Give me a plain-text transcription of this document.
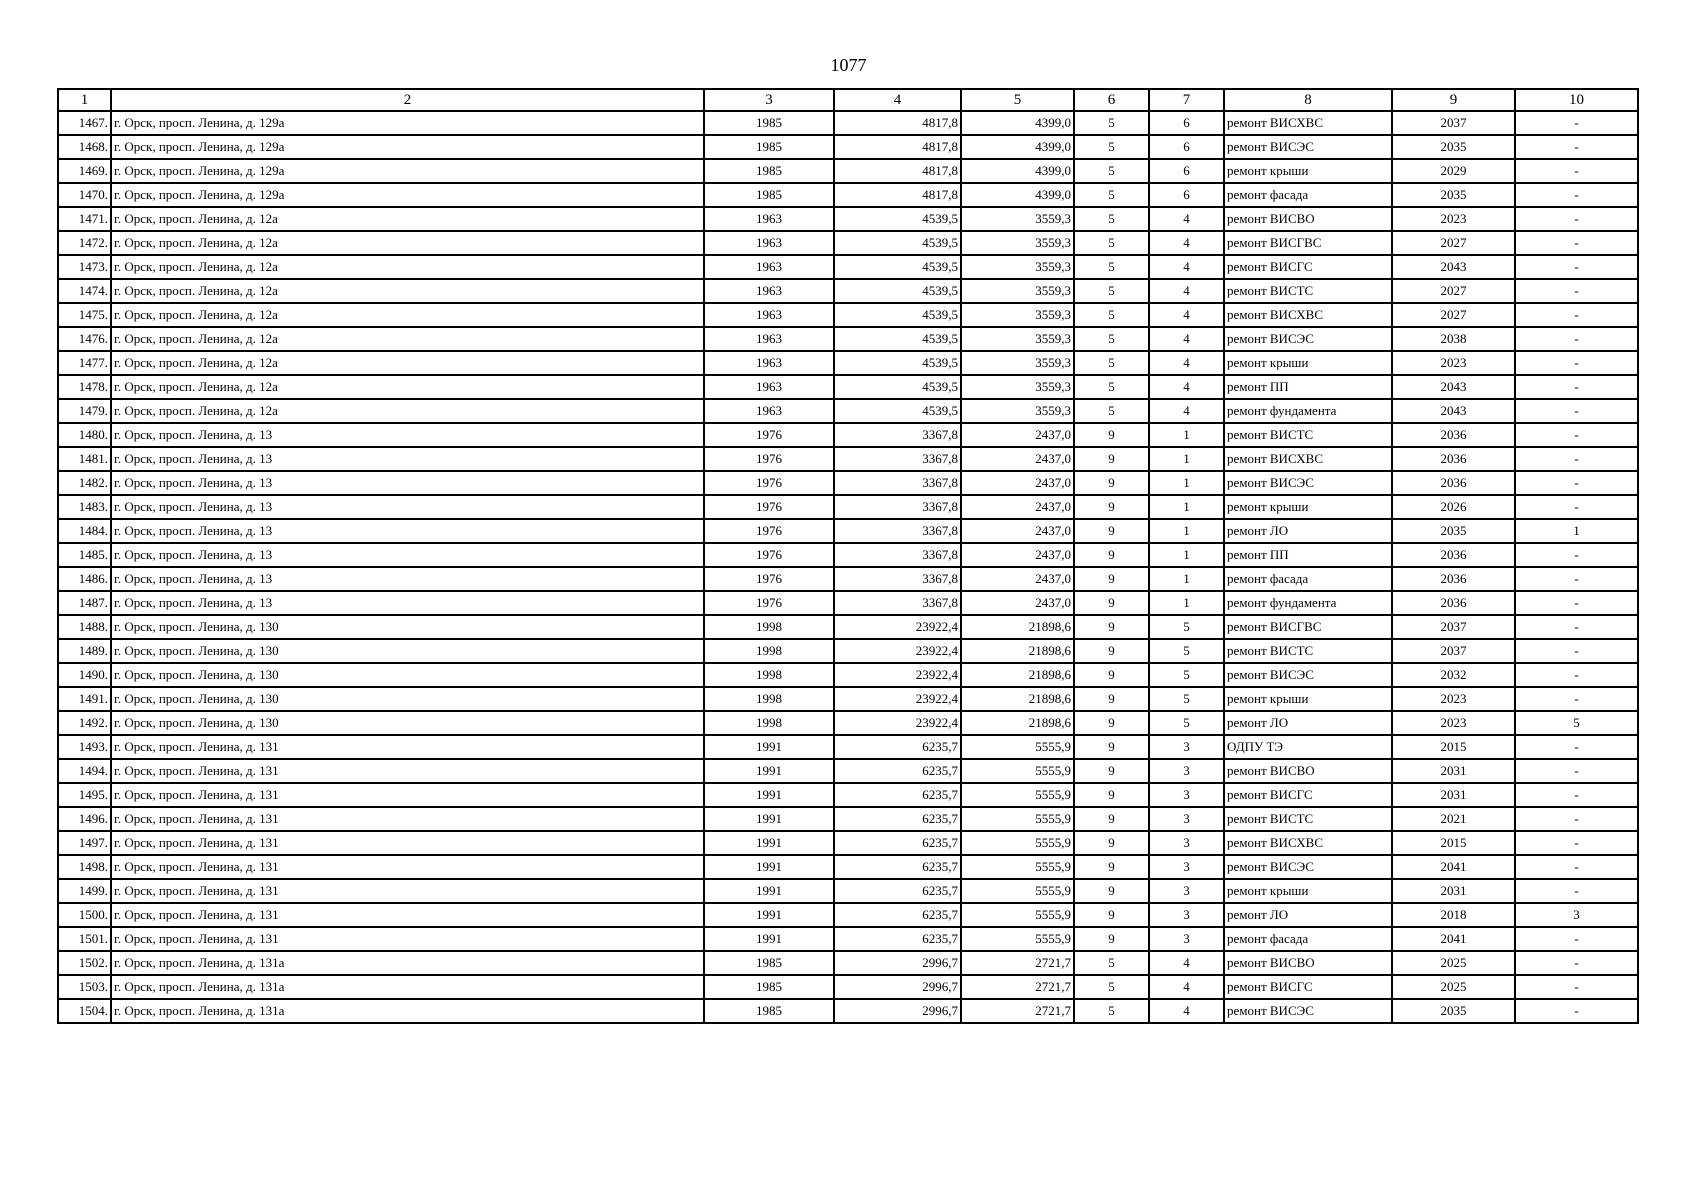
1077
1	2	3	4	5	6	7	8	9	10
1467.	г. Орск, просп. Ленина, д. 129а	1985	4817,8	4399,0	5	6	ремонт ВИСХВС	2037	-
1468.	г. Орск, просп. Ленина, д. 129а	1985	4817,8	4399,0	5	6	ремонт ВИСЭС	2035	-
1469.	г. Орск, просп. Ленина, д. 129а	1985	4817,8	4399,0	5	6	ремонт крыши	2029	-
1470.	г. Орск, просп. Ленина, д. 129а	1985	4817,8	4399,0	5	6	ремонт фасада	2035	-
1471.	г. Орск, просп. Ленина, д. 12а	1963	4539,5	3559,3	5	4	ремонт ВИСВО	2023	-
1472.	г. Орск, просп. Ленина, д. 12а	1963	4539,5	3559,3	5	4	ремонт ВИСГВС	2027	-
1473.	г. Орск, просп. Ленина, д. 12а	1963	4539,5	3559,3	5	4	ремонт ВИСГС	2043	-
1474.	г. Орск, просп. Ленина, д. 12а	1963	4539,5	3559,3	5	4	ремонт ВИСТС	2027	-
1475.	г. Орск, просп. Ленина, д. 12а	1963	4539,5	3559,3	5	4	ремонт ВИСХВС	2027	-
1476.	г. Орск, просп. Ленина, д. 12а	1963	4539,5	3559,3	5	4	ремонт ВИСЭС	2038	-
1477.	г. Орск, просп. Ленина, д. 12а	1963	4539,5	3559,3	5	4	ремонт крыши	2023	-
1478.	г. Орск, просп. Ленина, д. 12а	1963	4539,5	3559,3	5	4	ремонт ПП	2043	-
1479.	г. Орск, просп. Ленина, д. 12а	1963	4539,5	3559,3	5	4	ремонт фундамента	2043	-
1480.	г. Орск, просп. Ленина, д. 13	1976	3367,8	2437,0	9	1	ремонт ВИСТС	2036	-
1481.	г. Орск, просп. Ленина, д. 13	1976	3367,8	2437,0	9	1	ремонт ВИСХВС	2036	-
1482.	г. Орск, просп. Ленина, д. 13	1976	3367,8	2437,0	9	1	ремонт ВИСЭС	2036	-
1483.	г. Орск, просп. Ленина, д. 13	1976	3367,8	2437,0	9	1	ремонт крыши	2026	-
1484.	г. Орск, просп. Ленина, д. 13	1976	3367,8	2437,0	9	1	ремонт ЛО	2035	1
1485.	г. Орск, просп. Ленина, д. 13	1976	3367,8	2437,0	9	1	ремонт ПП	2036	-
1486.	г. Орск, просп. Ленина, д. 13	1976	3367,8	2437,0	9	1	ремонт фасада	2036	-
1487.	г. Орск, просп. Ленина, д. 13	1976	3367,8	2437,0	9	1	ремонт фундамента	2036	-
1488.	г. Орск, просп. Ленина, д. 130	1998	23922,4	21898,6	9	5	ремонт ВИСГВС	2037	-
1489.	г. Орск, просп. Ленина, д. 130	1998	23922,4	21898,6	9	5	ремонт ВИСТС	2037	-
1490.	г. Орск, просп. Ленина, д. 130	1998	23922,4	21898,6	9	5	ремонт ВИСЭС	2032	-
1491.	г. Орск, просп. Ленина, д. 130	1998	23922,4	21898,6	9	5	ремонт крыши	2023	-
1492.	г. Орск, просп. Ленина, д. 130	1998	23922,4	21898,6	9	5	ремонт ЛО	2023	5
1493.	г. Орск, просп. Ленина, д. 131	1991	6235,7	5555,9	9	3	ОДПУ ТЭ	2015	-
1494.	г. Орск, просп. Ленина, д. 131	1991	6235,7	5555,9	9	3	ремонт ВИСВО	2031	-
1495.	г. Орск, просп. Ленина, д. 131	1991	6235,7	5555,9	9	3	ремонт ВИСГС	2031	-
1496.	г. Орск, просп. Ленина, д. 131	1991	6235,7	5555,9	9	3	ремонт ВИСТС	2021	-
1497.	г. Орск, просп. Ленина, д. 131	1991	6235,7	5555,9	9	3	ремонт ВИСХВС	2015	-
1498.	г. Орск, просп. Ленина, д. 131	1991	6235,7	5555,9	9	3	ремонт ВИСЭС	2041	-
1499.	г. Орск, просп. Ленина, д. 131	1991	6235,7	5555,9	9	3	ремонт крыши	2031	-
1500.	г. Орск, просп. Ленина, д. 131	1991	6235,7	5555,9	9	3	ремонт ЛО	2018	3
1501.	г. Орск, просп. Ленина, д. 131	1991	6235,7	5555,9	9	3	ремонт фасада	2041	-
1502.	г. Орск, просп. Ленина, д. 131а	1985	2996,7	2721,7	5	4	ремонт ВИСВО	2025	-
1503.	г. Орск, просп. Ленина, д. 131а	1985	2996,7	2721,7	5	4	ремонт ВИСГС	2025	-
1504.	г. Орск, просп. Ленина, д. 131а	1985	2996,7	2721,7	5	4	ремонт ВИСЭС	2035	-
